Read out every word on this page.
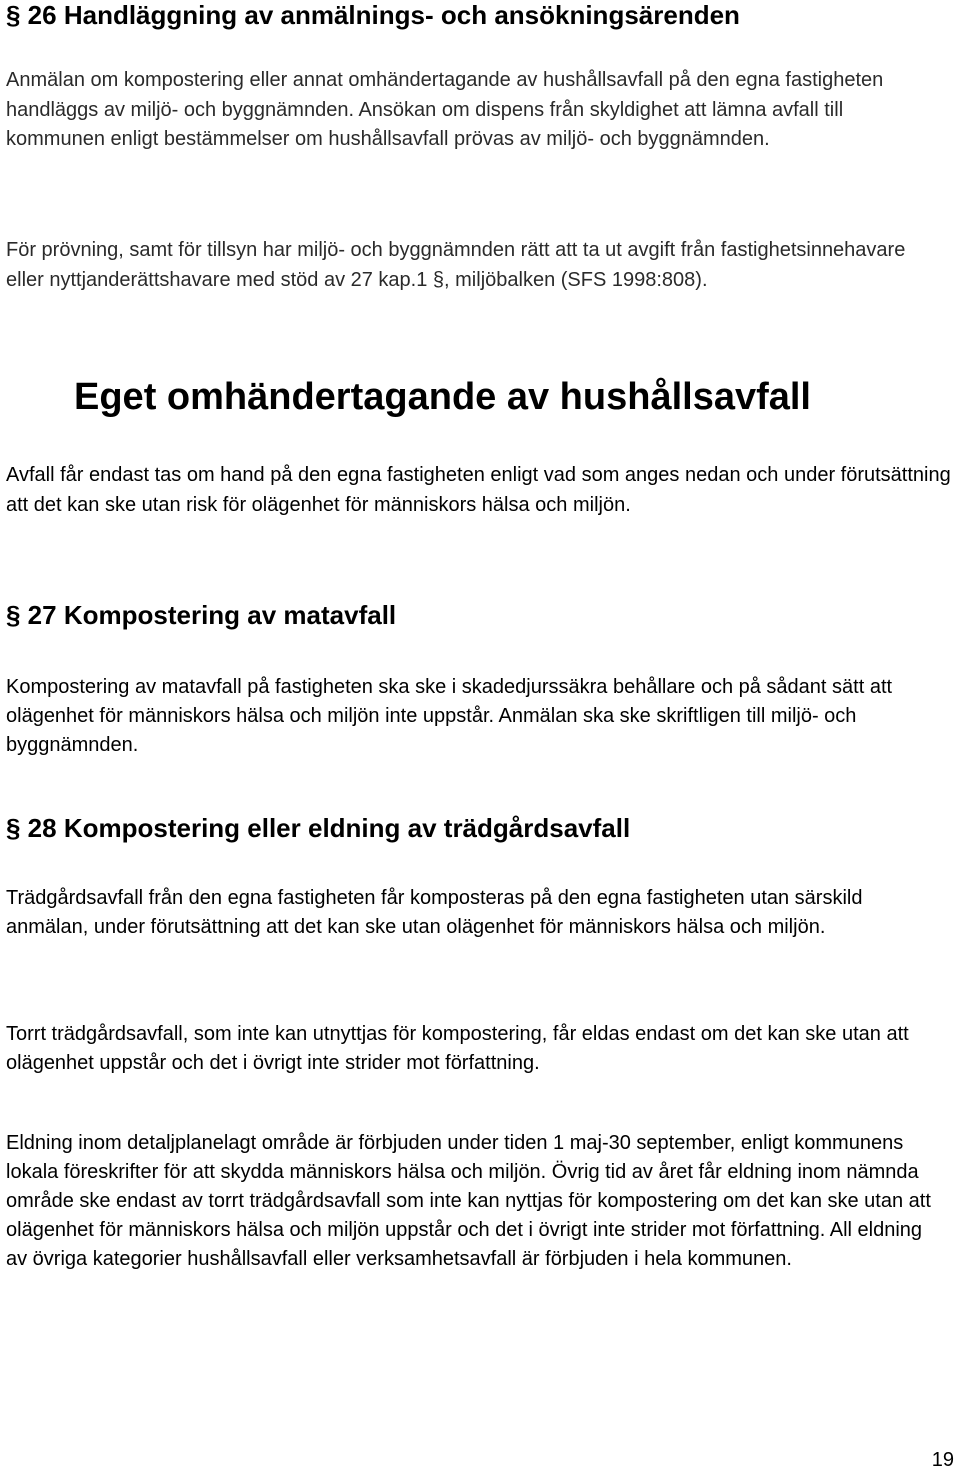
§ 26 Handläggning av anmälnings- och ansökningsärenden

Anmälan om kompostering eller annat omhändertagande av hushållsavfall på den egna fastigheten handläggs av miljö- och byggnämnden. Ansökan om dispens från skyldighet att lämna avfall till kommunen enligt bestämmelser om hushållsavfall prövas av miljö- och byggnämnden.

För prövning, samt för tillsyn har miljö- och byggnämnden rätt att ta ut avgift från fastighetsinnehavare eller nyttjanderättshavare med stöd av 27 kap.1 §, miljöbalken (SFS 1998:808).

Eget omhändertagande av hushållsavfall

Avfall får endast tas om hand på den egna fastigheten enligt vad som anges nedan och under förutsättning att det kan ske utan risk för olägenhet för människors hälsa och miljön.

§ 27 Kompostering av matavfall

Kompostering av matavfall på fastigheten ska ske i skadedjurssäkra behållare och på sådant sätt att olägenhet för människors hälsa och miljön inte uppstår. Anmälan ska ske skriftligen till miljö- och byggnämnden.

§ 28 Kompostering eller eldning av trädgårdsavfall

Trädgårdsavfall från den egna fastigheten får komposteras på den egna fastigheten utan särskild anmälan, under förutsättning att det kan ske utan olägenhet för människors hälsa och miljön.

Torrt trädgårdsavfall, som inte kan utnyttjas för kompostering, får eldas endast om det kan ske utan att olägenhet uppstår och det i övrigt inte strider mot författning.

Eldning inom detaljplanelagt område är förbjuden under tiden 1 maj-30 september, enligt kommunens lokala föreskrifter för att skydda människors hälsa och miljön. Övrig tid av året får eldning inom nämnda område ske endast av torrt trädgårdsavfall som inte kan nyttjas för kompostering om det kan ske utan att olägenhet för människors hälsa och miljön uppstår och det i övrigt inte strider mot författning. All eldning av övriga kategorier hushållsavfall eller verksamhetsavfall är förbjuden i hela kommunen.

19
